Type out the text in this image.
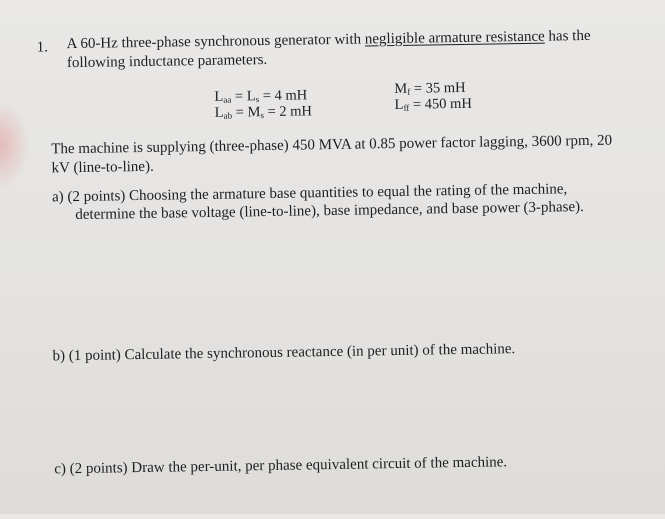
1. A 60-Hz three-phase synchronous generator with negligible armature resistance has the
following inductance parameters.
$L_{aa} = L_s = 4$ mH
$L_{ab} = M_s = 2$ mH
$M_f = 35$ mH
$L_{ff} = 450$ mH
The machine is supplying (three-phase) 450 MVA at 0.85 power factor lagging, 3600 rpm, 20
kV (line-to-line).
a) (2 points) Choosing the armature base quantities to equal the rating of the machine,
determine the base voltage (line-to-line), base impedance, and base power (3-phase).
b) (1 point) Calculate the synchronous reactance (in per unit) of the machine.
c) (2 points) Draw the per-unit, per phase equivalent circuit of the machine.
